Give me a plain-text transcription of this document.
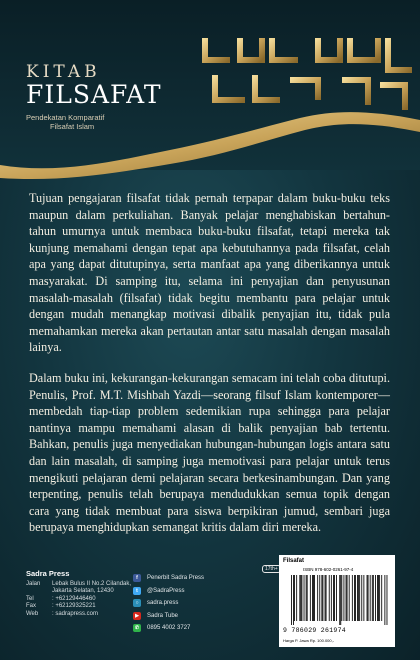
KITAB
FILSAFAT
Pendekatan Komparatif
Filsafat Islam

Tujuan pengajaran filsafat tidak pernah terpapar dalam buku-buku teks maupun dalam perkuliahan. Banyak pelajar menghabiskan bertahun-tahun umurnya untuk membaca buku-buku filsafat, tetapi mereka tak kunjung memahami dengan tepat apa kebutuhannya pada filsafat, celah apa yang dapat ditutupinya, serta manfaat apa yang diberikannya untuk masyarakat. Di samping itu, selama ini penyajian dan penyusunan masalah-masalah (filsafat) tidak begitu membantu para pelajar untuk dengan mudah menangkap motivasi dibalik penyajian itu, tidak pula memahamkan mereka akan pertautan antar satu masalah dengan masalah lainya.

Dalam buku ini, kekurangan-kekurangan semacam ini telah coba ditutupi. Penulis, Prof. M.T. Mishbah Yazdi—seorang filsuf Islam kontemporer—membedah tiap-tiap problem sedemikian rupa sehingga para pelajar nantinya mampu memahami alasan di balik penyajian bab tertentu. Bahkan, penulis juga menyediakan hubungan-hubungan logis antara satu dan lain masalah, di samping juga memotivasi para pelajar untuk terus mengikuti pelajaran demi pelajaran secara berkesinambungan. Dan yang terpenting, penulis telah berupaya mendudukkan semua topik dengan cara yang tidak membuat para siswa berpikiran jumud, sembari juga berupaya menghidupkan semangat kritis dalam diri mereka.

Sadra Press
Jalan	Lebak Bulus II No.2 Cilandak,
Jakarta Selatan, 12430
Tel	: +62129446460
Fax	: +62129325221
Web	: sadrapress.com
f	Penerbit Sadra Press
t	@SadraPress
○	sadra.press
▶	Sadra Tube
✆	0895 4002 3727
17th+
Filsafat
ISBN 978-602-0261-97-4
9 786029 261974
Harga P. Jawa Rp. 100.000,-
